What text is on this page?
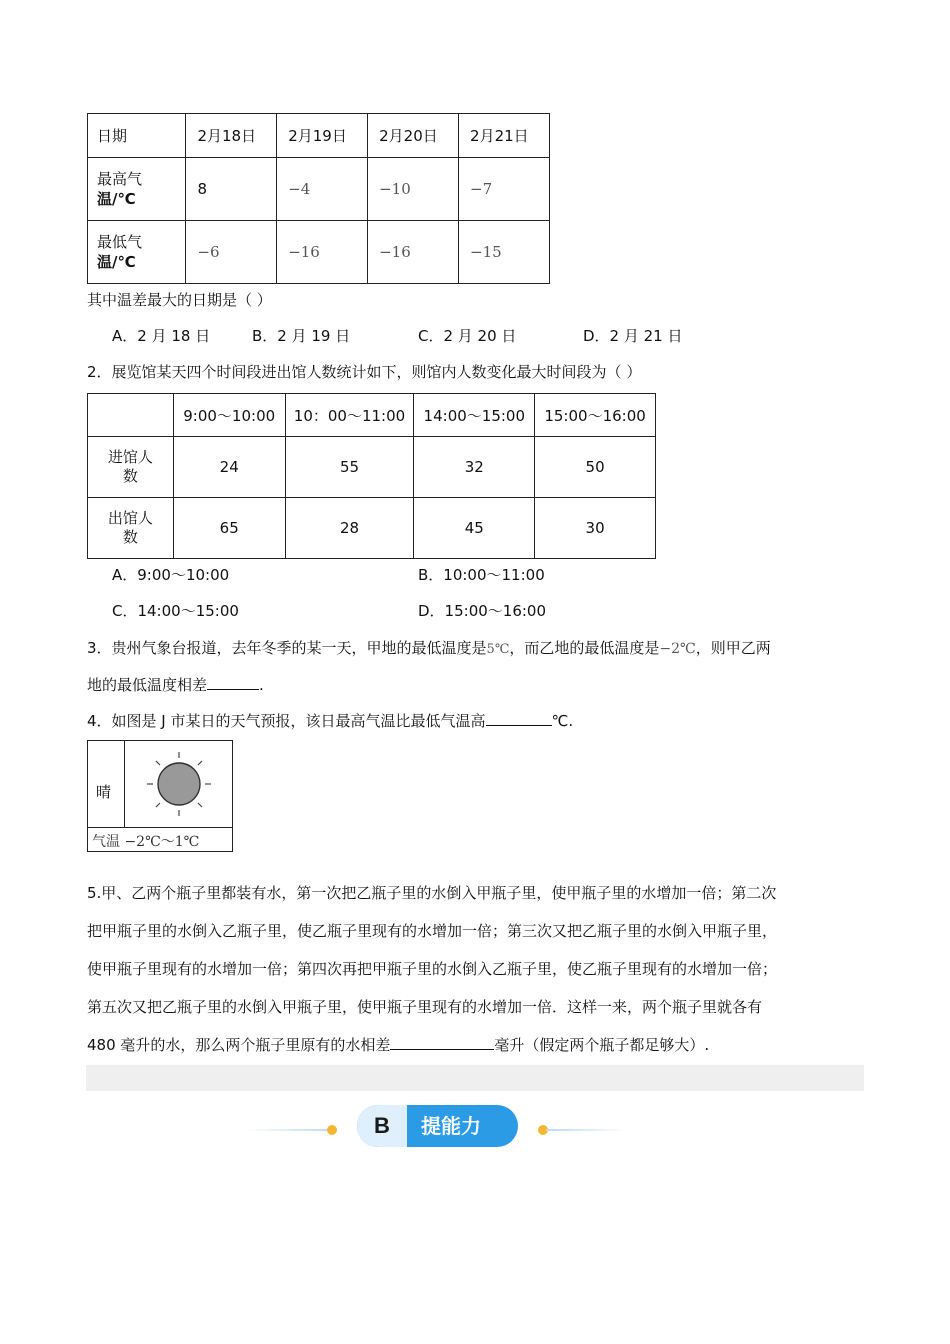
日期	2月18日	2月19日	2月20日	2月21日
最高气
温/℃	8	−4	−10	−7
最低气
温/℃	−6	−16	−16	−15
其中温差最大的日期是（ ）
A．2 月 18 日	B．2 月 19 日	C．2 月 20 日	D．2 月 21 日
2．展览馆某天四个时间段进出馆人数统计如下，则馆内人数变化最大时间段为（ ）
	9:00～10:00	10：00～11:00	14:00～15:00	15:00～16:00
进馆人
数	24	55	32	50
出馆人
数	65	28	45	30
A．9:00～10:00	B．10:00～11:00
C．14:00～15:00	D．15:00～16:00
3．贵州气象台报道，去年冬季的某一天，甲地的最低温度是5℃，而乙地的最低温度是−2℃，则甲乙两
地的最低温度相差	.
4．如图是 J 市某日的天气预报，该日最高气温比最低气温高	℃.
晴
气温 −2℃～1℃
5.甲、乙两个瓶子里都装有水，第一次把乙瓶子里的水倒入甲瓶子里，使甲瓶子里的水增加一倍；第二次
把甲瓶子里的水倒入乙瓶子里，使乙瓶子里现有的水增加一倍；第三次又把乙瓶子里的水倒入甲瓶子里，
使甲瓶子里现有的水增加一倍；第四次再把甲瓶子里的水倒入乙瓶子里，使乙瓶子里现有的水增加一倍；
第五次又把乙瓶子里的水倒入甲瓶子里，使甲瓶子里现有的水增加一倍．这样一来，两个瓶子里就各有
480 毫升的水，那么两个瓶子里原有的水相差	毫升（假定两个瓶子都足够大）.
B	提能力
